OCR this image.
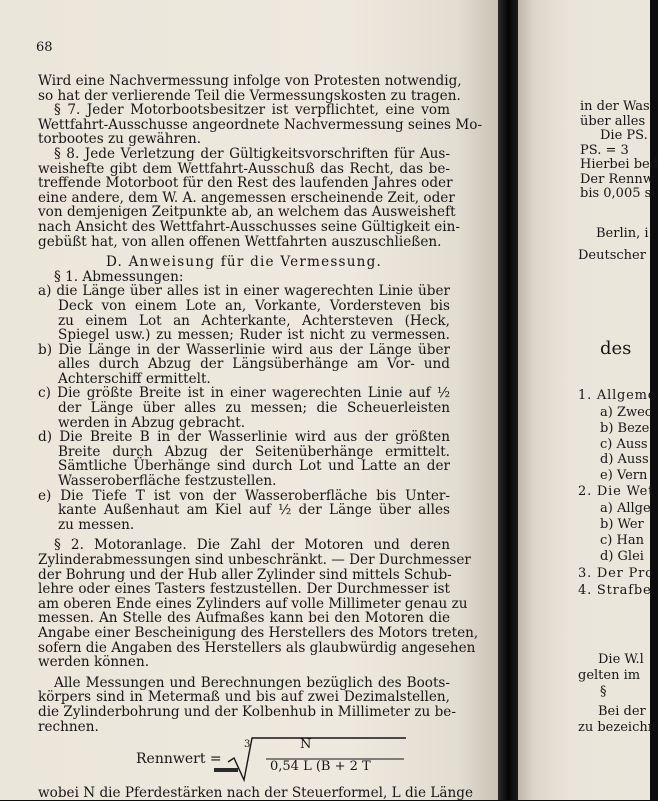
68
Wird eine Nachvermessung infolge von Protesten notwendig,
so hat der verlierende Teil die Vermessungskosten zu tragen.
§ 7. Jeder Motorbootsbesitzer ist verpflichtet, eine vom
Wettfahrt-Ausschusse angeordnete Nachvermessung seines Mo-
torbootes zu gewähren.
§ 8. Jede Verletzung der Gültigkeitsvorschriften für Aus-
weishefte gibt dem Wettfahrt-Ausschuß das Recht, das be-
treffende Motorboot für den Rest des laufenden Jahres oder
eine andere, dem W. A. angemessen erscheinende Zeit, oder
von demjenigen Zeitpunkte ab, an welchem das Ausweisheft
nach Ansicht des Wettfahrt-Ausschusses seine Gültigkeit ein-
gebüßt hat, von allen offenen Wettfahrten auszuschließen.
D. Anweisung für die Vermessung.
§ 1. Abmessungen:
a) die Länge über alles ist in einer wagerechten Linie über
Deck von einem Lote an, Vorkante, Vordersteven bis
zu einem Lot an Achterkante, Achtersteven (Heck,
Spiegel usw.) zu messen; Ruder ist nicht zu vermessen.
b) Die Länge in der Wasserlinie wird aus der Länge über
alles durch Abzug der Längsüberhänge am Vor- und
Achterschiff ermittelt.
c) Die größte Breite ist in einer wagerechten Linie auf ½
der Länge über alles zu messen; die Scheuerleisten
werden in Abzug gebracht.
d) Die Breite B in der Wasserlinie wird aus der größten
Breite durch Abzug der Seitenüberhänge ermittelt.
Sämtliche Überhänge sind durch Lot und Latte an der
Wasseroberfläche festzustellen.
e) Die Tiefe T ist von der Wasseroberfläche bis Unter-
kante Außenhaut am Kiel auf ½ der Länge über alles
zu messen.
§ 2. Motoranlage. Die Zahl der Motoren und deren
Zylinderabmessungen sind unbeschränkt. — Der Durchmesser
der Bohrung und der Hub aller Zylinder sind mittels Schub-
lehre oder eines Tasters festzustellen. Der Durchmesser ist
am oberen Ende eines Zylinders auf volle Millimeter genau zu
messen. An Stelle des Aufmaßes kann bei den Motoren die
Angabe einer Bescheinigung des Herstellers des Motors treten,
sofern die Angaben des Herstellers als glaubwürdig angesehen
werden können.
Alle Messungen und Berechnungen bezüglich des Boots-
körpers sind in Metermaß und bis auf zwei Dezimalstellen,
die Zylinderbohrung und der Kolbenhub in Millimeter zu be-
rechnen.
Rennwert =
3	N
0,54 L (B + 2 T
wobei N die Pferdestärken nach der Steuerformel, L die Länge
in der Was
über alles
Die PS.
PS. = 3
Hierbei bed
Der Rennw
bis 0,005 si
Berlin, i
Deutscher
des
1. Allgeme
a) Zwec
b) Beze
c) Auss
d) Auss
e) Vern
2. Die Wet
a) Allge
b) Wer
c) Han
d) Glei
3. Der Pro
4. Strafbe
Die W.l
gelten im
§
Bei der
zu bezeichn
